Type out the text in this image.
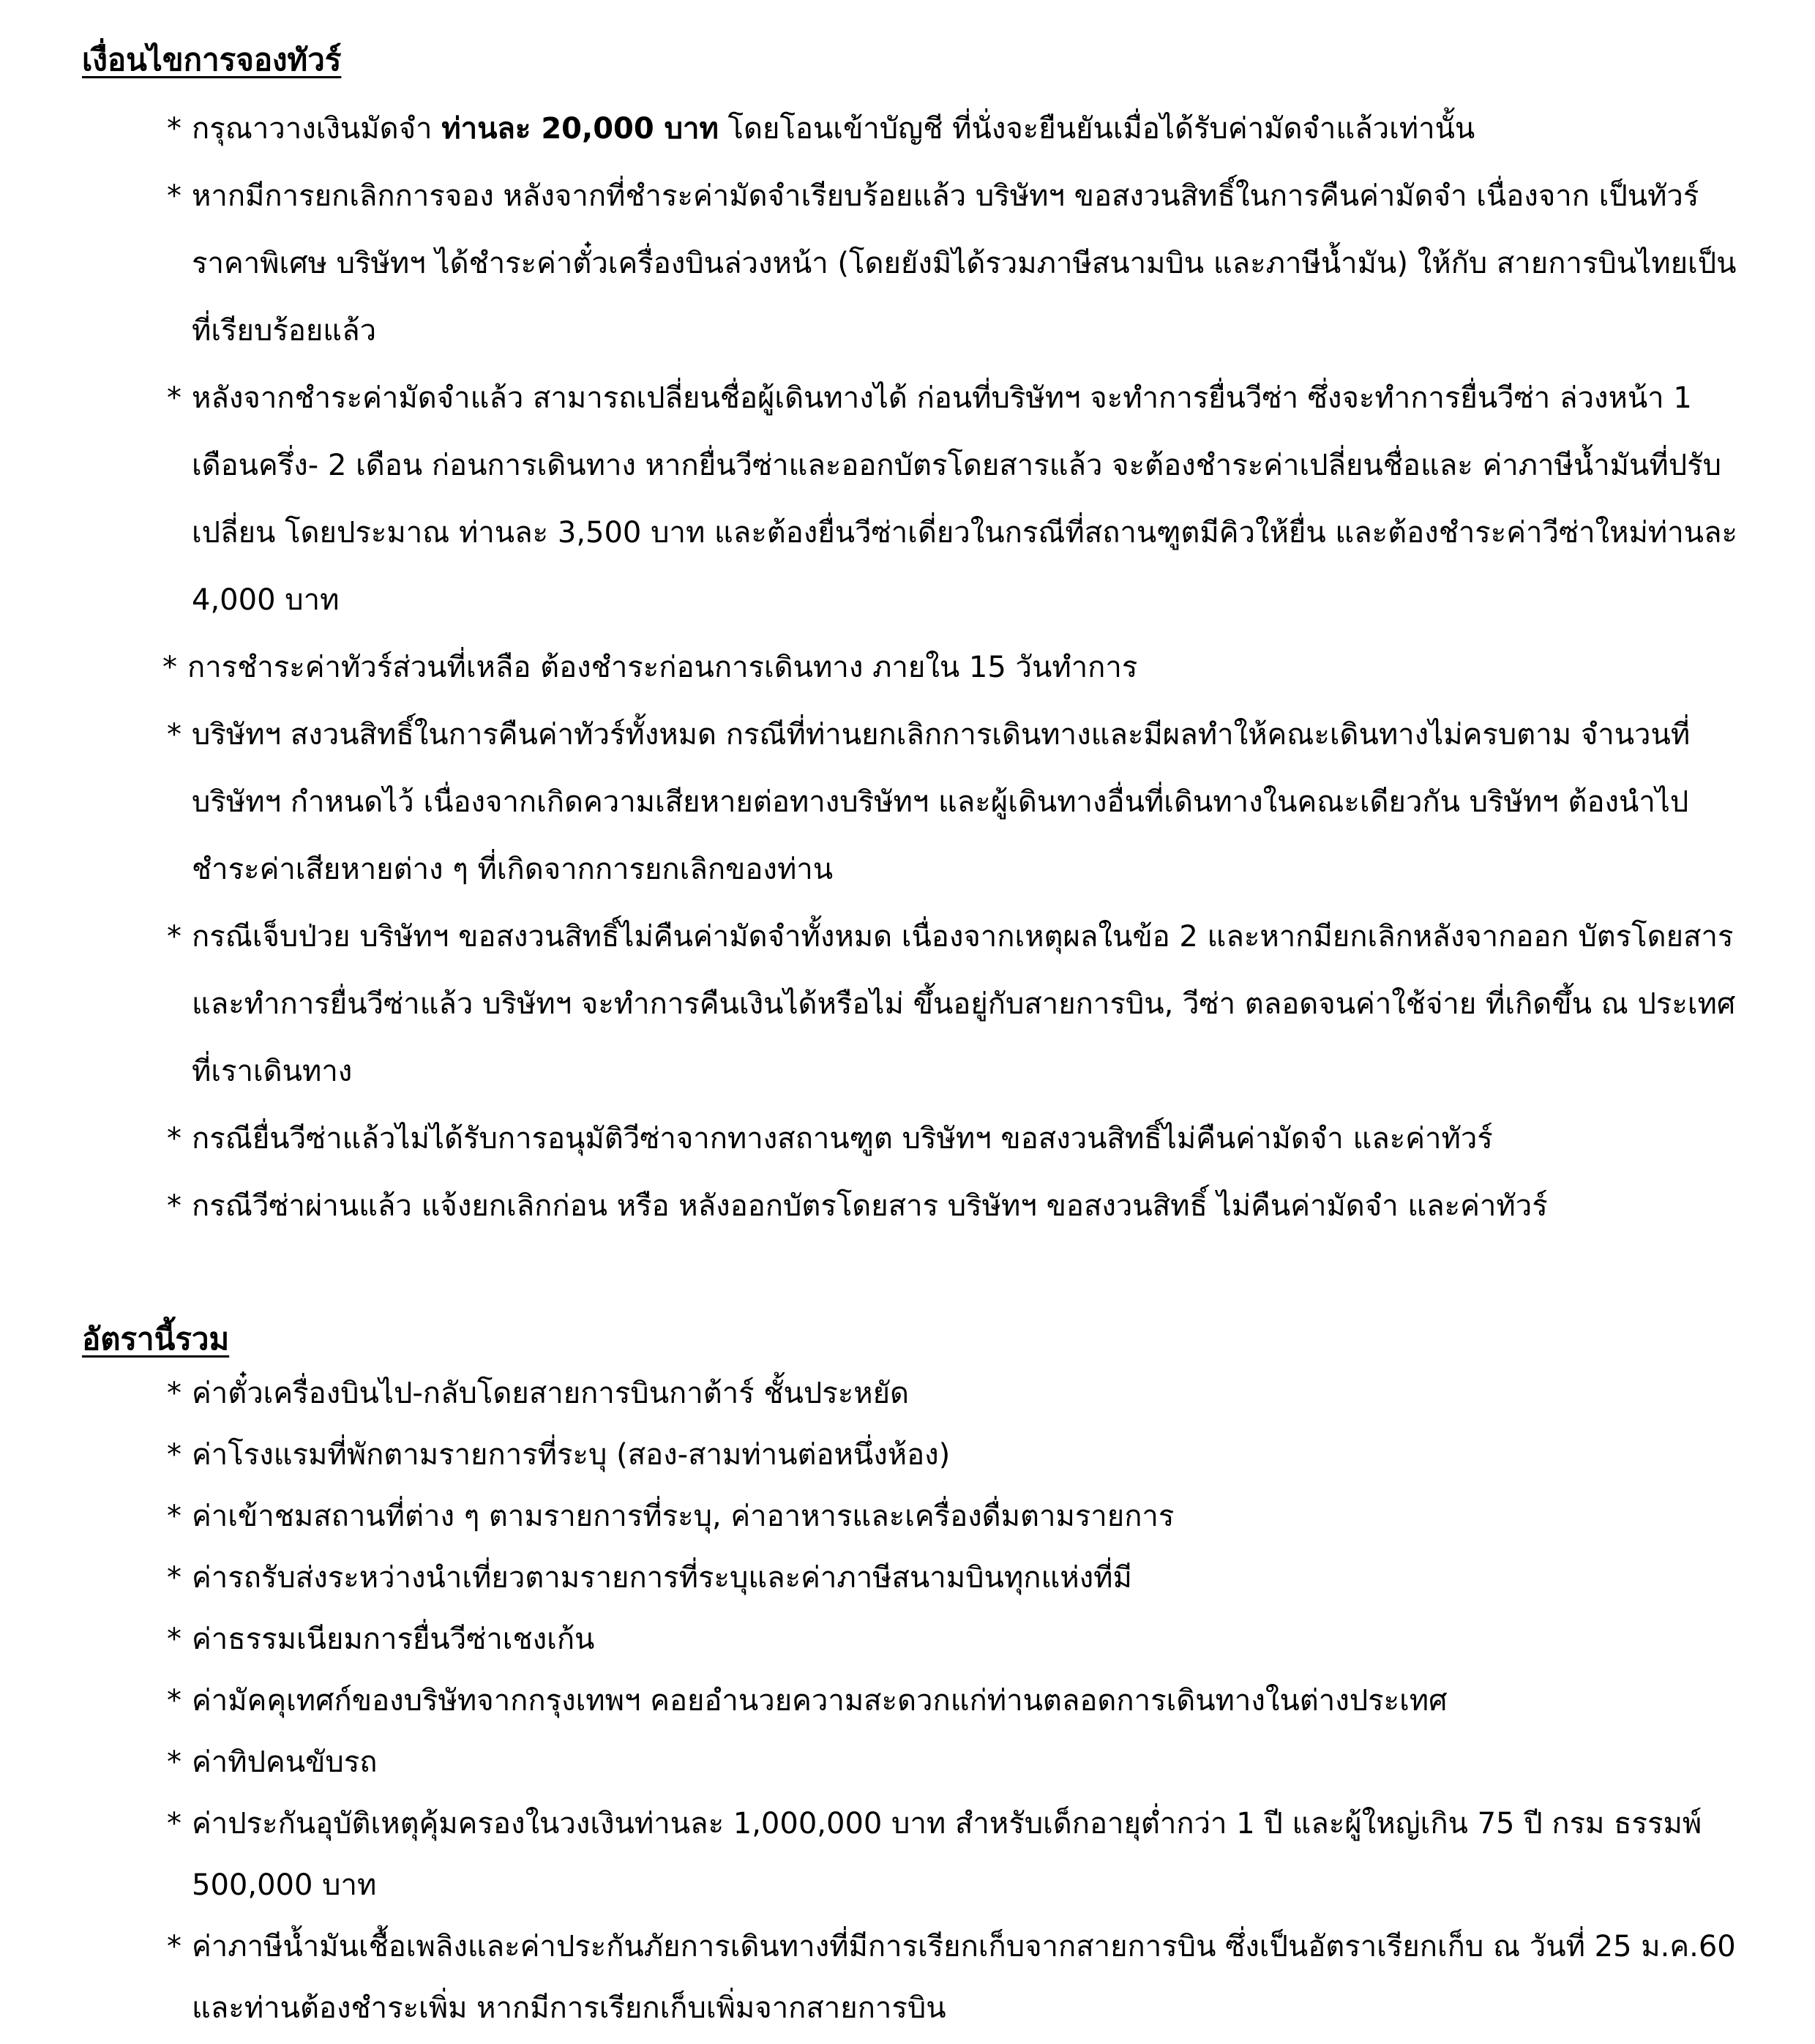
เงื่อนไขการจองทัวร์
* กรุณาวางเงินมัดจำ ท่านละ 20,000 บาท โดยโอนเข้าบัญชี ที่นั่งจะยืนยันเมื่อได้รับค่ามัดจำแล้วเท่านั้น
* หากมีการยกเลิกการจอง หลังจากที่ชำระค่ามัดจำเรียบร้อยแล้ว บริษัทฯ ขอสงวนสิทธิ์ในการคืนค่ามัดจำ เนื่องจาก เป็นทัวร์ราคาพิเศษ บริษัทฯ ได้ชำระค่าตั๋วเครื่องบินล่วงหน้า (โดยยังมิได้รวมภาษีสนามบิน และภาษีน้ำมัน) ให้กับ สายการบินไทยเป็นที่เรียบร้อยแล้ว
* หลังจากชำระค่ามัดจำแล้ว สามารถเปลี่ยนชื่อผู้เดินทางได้ ก่อนที่บริษัทฯ จะทำการยื่นวีซ่า ซึ่งจะทำการยื่นวีซ่า ล่วงหน้า 1 เดือนครึ่ง- 2 เดือน ก่อนการเดินทาง หากยื่นวีซ่าและออกบัตรโดยสารแล้ว จะต้องชำระค่าเปลี่ยนชื่อและ ค่าภาษีน้ำมันที่ปรับเปลี่ยน โดยประมาณ ท่านละ 3,500 บาท และต้องยื่นวีซ่าเดี่ยวในกรณีที่สถานฑูตมีคิวให้ยื่น และต้องชำระค่าวีซ่าใหม่ท่านละ 4,000 บาท
* การชำระค่าทัวร์ส่วนที่เหลือ ต้องชำระก่อนการเดินทาง ภายใน 15 วันทำการ
* บริษัทฯ สงวนสิทธิ์ในการคืนค่าทัวร์ทั้งหมด กรณีที่ท่านยกเลิกการเดินทางและมีผลทำให้คณะเดินทางไม่ครบตาม จำนวนที่บริษัทฯ กำหนดไว้ เนื่องจากเกิดความเสียหายต่อทางบริษัทฯ และผู้เดินทางอื่นที่เดินทางในคณะเดียวกัน บริษัทฯ ต้องนำไปชำระค่าเสียหายต่าง ๆ ที่เกิดจากการยกเลิกของท่าน
* กรณีเจ็บป่วย บริษัทฯ ขอสงวนสิทธิ์ไม่คืนค่ามัดจำทั้งหมด เนื่องจากเหตุผลในข้อ 2 และหากมียกเลิกหลังจากออก บัตรโดยสารและทำการยื่นวีซ่าแล้ว บริษัทฯ จะทำการคืนเงินได้หรือไม่ ขึ้นอยู่กับสายการบิน, วีซ่า ตลอดจนค่าใช้จ่าย ที่เกิดขึ้น ณ ประเทศที่เราเดินทาง
* กรณียื่นวีซ่าแล้วไม่ได้รับการอนุมัติวีซ่าจากทางสถานฑูต บริษัทฯ ขอสงวนสิทธิ์ไม่คืนค่ามัดจำ และค่าทัวร์
* กรณีวีซ่าผ่านแล้ว แจ้งยกเลิกก่อน หรือ หลังออกบัตรโดยสาร บริษัทฯ ขอสงวนสิทธิ์ ไม่คืนค่ามัดจำ และค่าทัวร์
อัตรานี้รวม
* ค่าตั๋วเครื่องบินไป-กลับโดยสายการบินกาต้าร์ ชั้นประหยัด
* ค่าโรงแรมที่พักตามรายการที่ระบุ (สอง-สามท่านต่อหนึ่งห้อง)
* ค่าเข้าชมสถานที่ต่าง ๆ ตามรายการที่ระบุ, ค่าอาหารและเครื่องดื่มตามรายการ
* ค่ารถรับส่งระหว่างนำเที่ยวตามรายการที่ระบุและค่าภาษีสนามบินทุกแห่งที่มี
* ค่าธรรมเนียมการยื่นวีซ่าเชงเก้น
* ค่ามัคคุเทศก์ของบริษัทจากกรุงเทพฯ คอยอำนวยความสะดวกแก่ท่านตลอดการเดินทางในต่างประเทศ
* ค่าทิปคนขับรถ
* ค่าประกันอุบัติเหตุคุ้มครองในวงเงินท่านละ 1,000,000 บาท สำหรับเด็กอายุต่ำกว่า 1 ปี และผู้ใหญ่เกิน 75 ปี กรม ธรรมพ์ 500,000 บาท
* ค่าภาษีน้ำมันเชื้อเพลิงและค่าประกันภัยการเดินทางที่มีการเรียกเก็บจากสายการบิน ซึ่งเป็นอัตราเรียกเก็บ ณ วันที่ 25 ม.ค.60 และท่านต้องชำระเพิ่ม หากมีการเรียกเก็บเพิ่มจากสายการบิน
